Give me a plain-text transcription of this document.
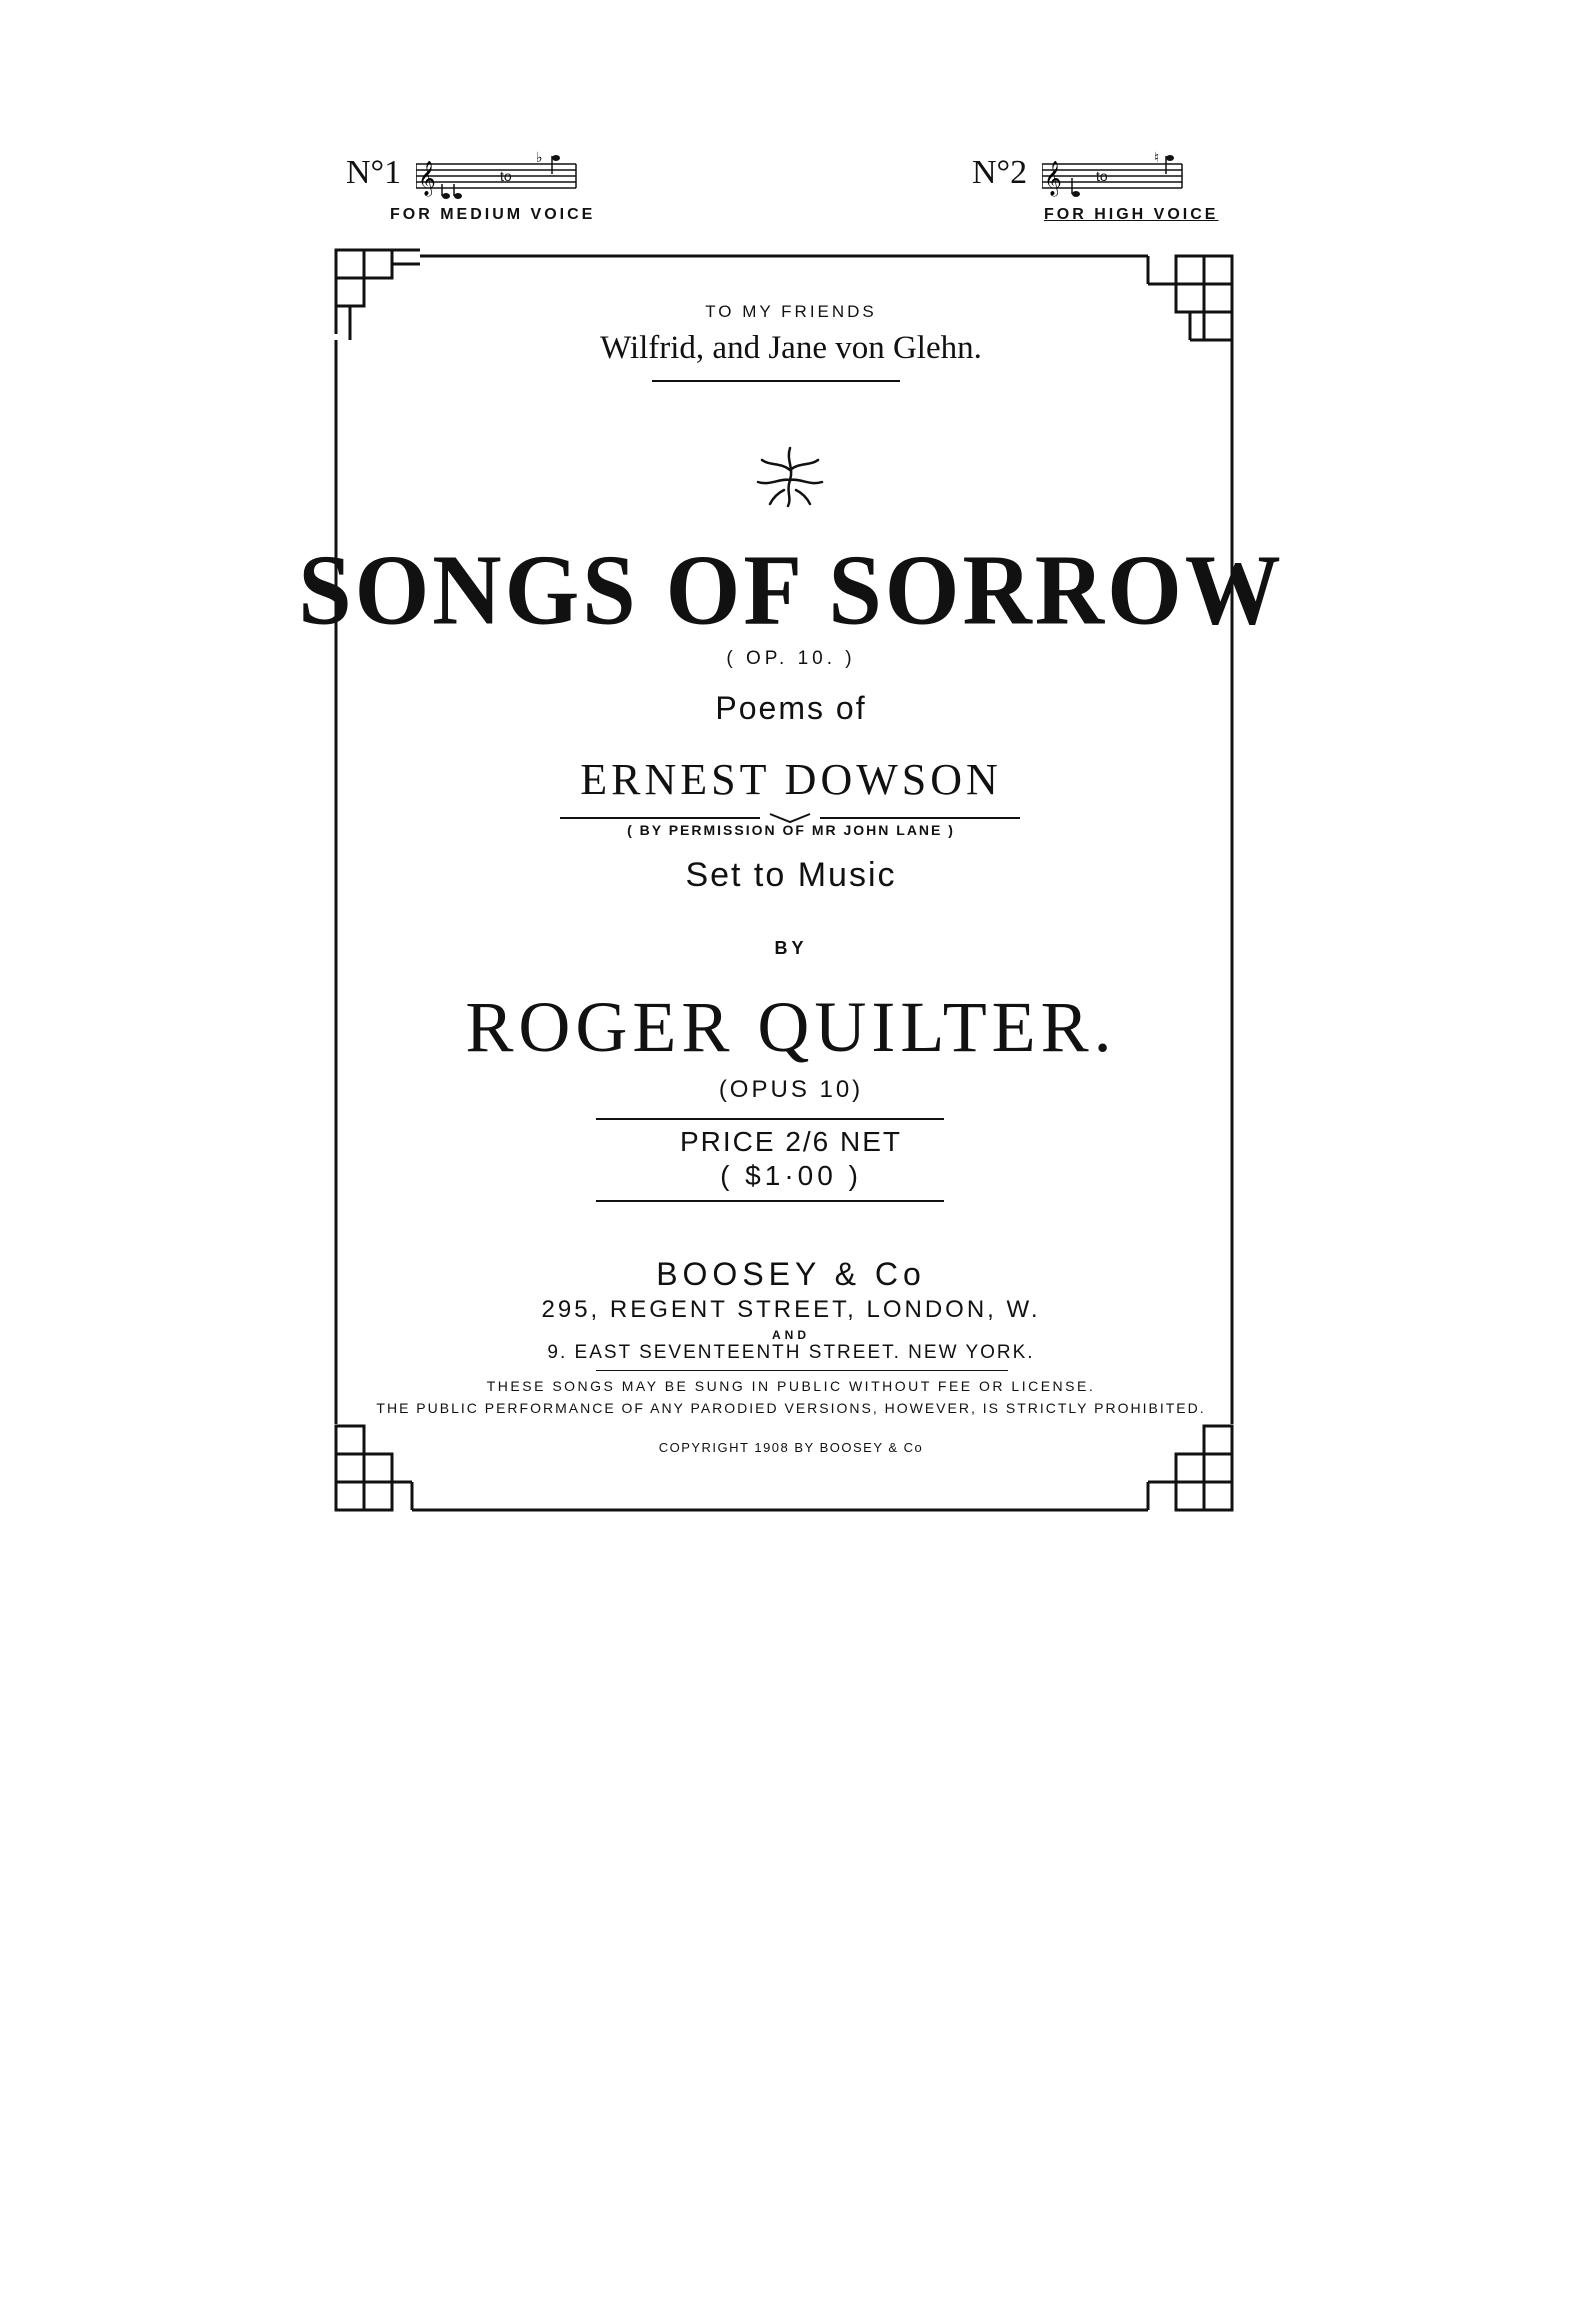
N°1 𝄞
♭
to
FOR MEDIUM VOICE
N°2 𝄞
♮
to
FOR HIGH VOICE
TO MY FRIENDS
Wilfrid, and Jane von Glehn.
SONGS OF SORROW
( OP. 10. )
Poems of
ERNEST DOWSON
( BY PERMISSION OF MR JOHN LANE )
Set to Music
BY
ROGER QUILTER.
(OPUS 10)
PRICE 2/6 NET
( $1·00 )
BOOSEY & Co
295, REGENT STREET, LONDON, W.
AND
9. EAST SEVENTEENTH STREET. NEW YORK.
THESE SONGS MAY BE SUNG IN PUBLIC WITHOUT FEE OR LICENSE.
THE PUBLIC PERFORMANCE OF ANY PARODIED VERSIONS, HOWEVER, IS STRICTLY PROHIBITED.
COPYRIGHT 1908 BY BOOSEY & Co
